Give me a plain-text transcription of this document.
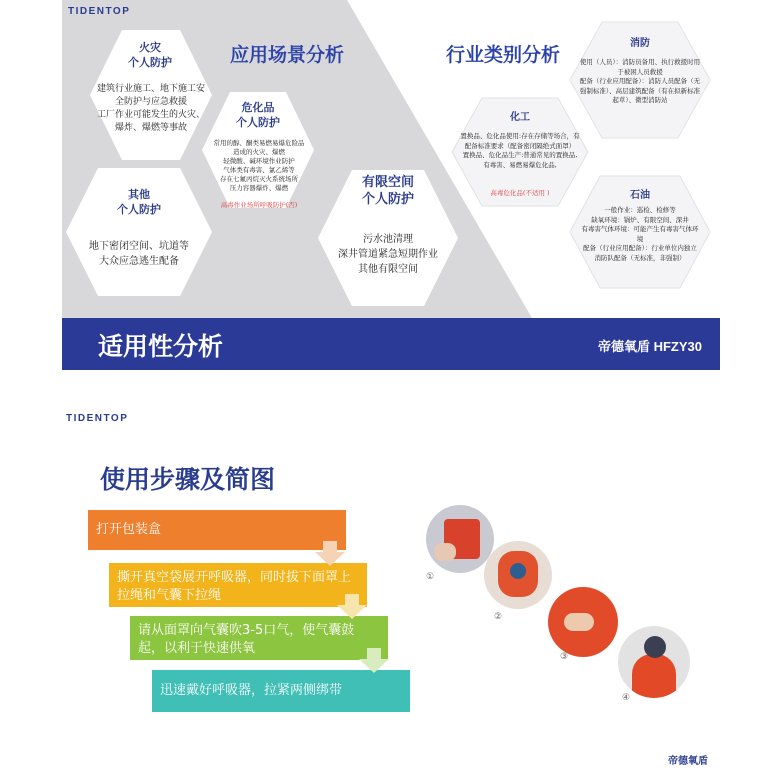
TIDENTOP
应用场景分析	行业类别分析
火灾
个人防护
建筑行业施工、地下施工安全防护与应急救援
工厂作业可能发生的火灾、爆炸、爆燃等事故
危化品
个人防护
常用的醇、酮类易燃易爆危险品造成的火灾、爆燃
轻微酸、碱环境作业防护
气体类有毒害、氯乙烯等
存在七氟丙烷灭火系统场所
压力容器爆炸、爆燃
高毒作业场所呼吸防护(否)
其他
个人防护
地下密闭空间、坑道等
大众应急逃生配备
有限空间
个人防护
污水池清理
深井管道紧急短期作业
其他有限空间
消防
使用（人员）：消防员备用、执行救援时用于被困人员救援
配备（行业应用配备）：消防人员配备（无强制标准）、高层建筑配备（有在拟新标准起草）、微型消防站
化工
置换品、危化品使用:存在存储等场合，有配备标准要求（配备密闭隔绝式面罩）
置换品、危化品生产:普通常见的置换品,有毒害、易燃易爆危化品,
高毒危化品(不适用 )	石油
一般作业：巡检、检修等
缺氧环境：锅炉、有限空间、深井
有毒害气体环境：可能产生有毒害气体环境
配备（行业应用配备）：行业单位内独立消防队配备（无标准，非强制）
适用性分析	帝德氧盾 HFZY30
TIDENTOP
使用步骤及简图
打开包装盒
撕开真空袋展开呼吸器，同时拔下面罩上拉绳和气囊下拉绳
请从面罩向气囊吹3-5口气，使气囊鼓起，以利于快速供氧
迅速戴好呼吸器，拉紧两侧绑带
①
②
③
④
帝德氧盾
